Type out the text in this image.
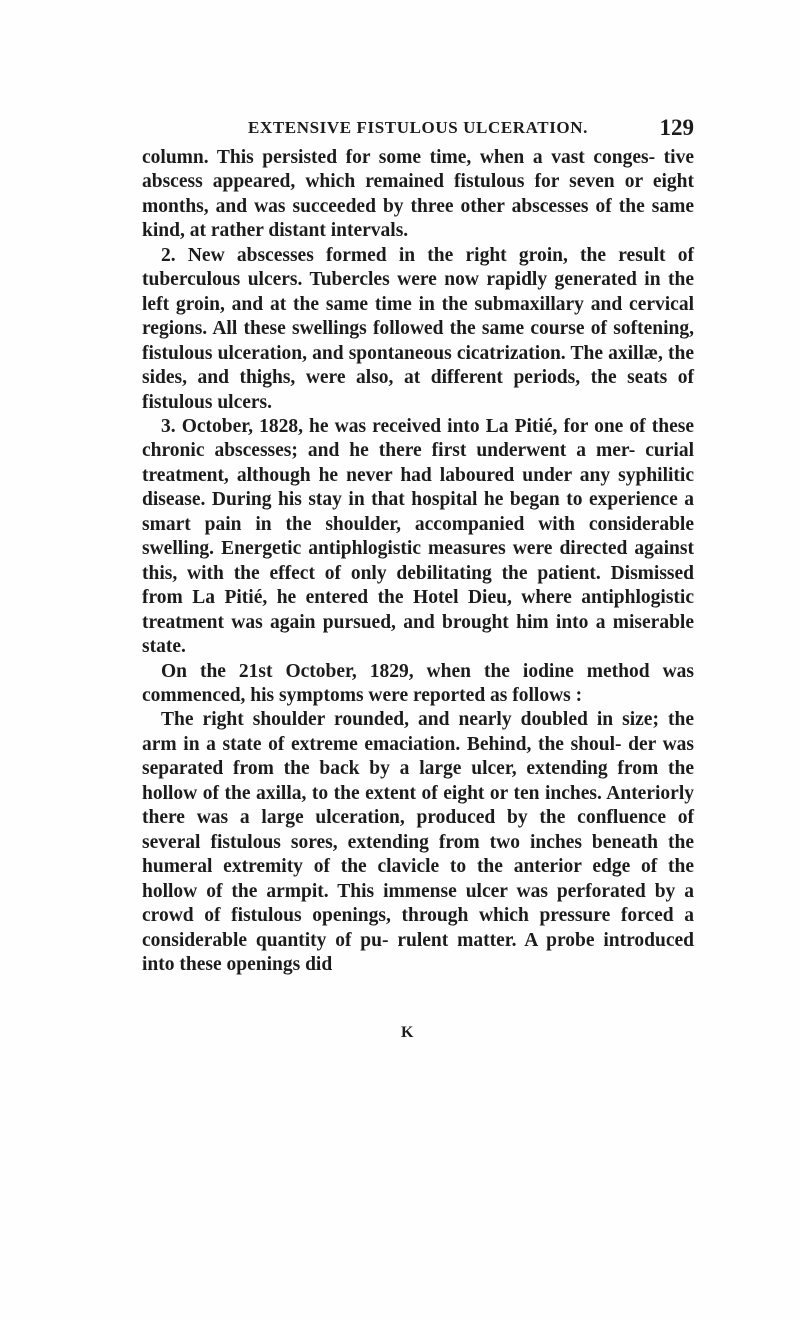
EXTENSIVE FISTULOUS ULCERATION.	129

column. This persisted for some time, when a vast conges- tive abscess appeared, which remained fistulous for seven or eight months, and was succeeded by three other abscesses of the same kind, at rather distant intervals.

2. New abscesses formed in the right groin, the result of tuberculous ulcers. Tubercles were now rapidly generated in the left groin, and at the same time in the submaxillary and cervical regions. All these swellings followed the same course of softening, fistulous ulceration, and spontaneous cicatrization. The axillæ, the sides, and thighs, were also, at different periods, the seats of fistulous ulcers.

3. October, 1828, he was received into La Pitié, for one of these chronic abscesses; and he there first underwent a mer- curial treatment, although he never had laboured under any syphilitic disease. During his stay in that hospital he began to experience a smart pain in the shoulder, accompanied with considerable swelling. Energetic antiphlogistic measures were directed against this, with the effect of only debilitating the patient. Dismissed from La Pitié, he entered the Hotel Dieu, where antiphlogistic treatment was again pursued, and brought him into a miserable state.

On the 21st October, 1829, when the iodine method was commenced, his symptoms were reported as follows :

The right shoulder rounded, and nearly doubled in size; the arm in a state of extreme emaciation. Behind, the shoul- der was separated from the back by a large ulcer, extending from the hollow of the axilla, to the extent of eight or ten inches. Anteriorly there was a large ulceration, produced by the confluence of several fistulous sores, extending from two inches beneath the humeral extremity of the clavicle to the anterior edge of the hollow of the armpit. This immense ulcer was perforated by a crowd of fistulous openings, through which pressure forced a considerable quantity of pu- rulent matter. A probe introduced into these openings did

K
